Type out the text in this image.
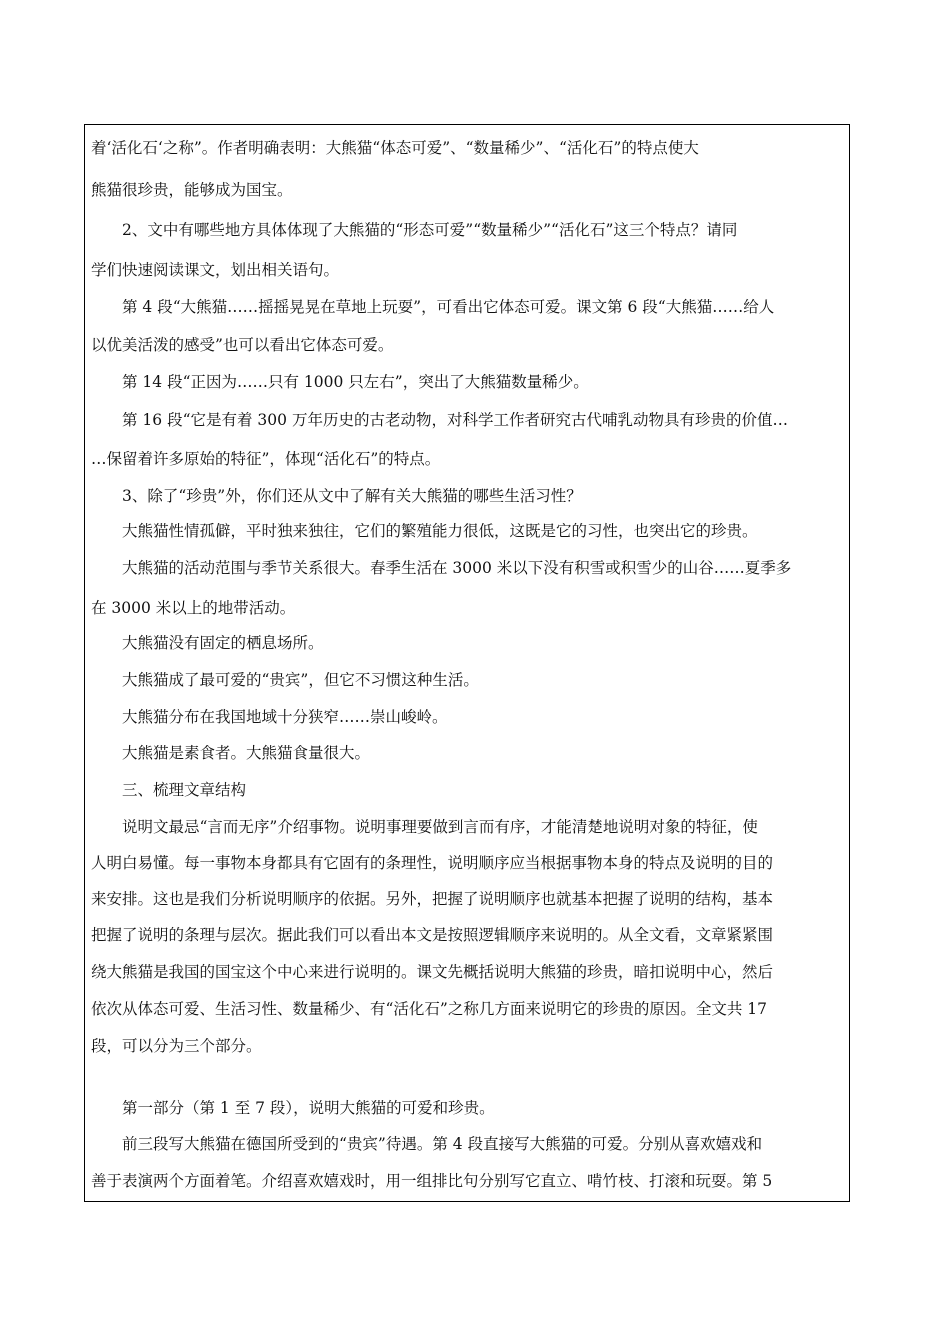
着‘活化石‘之称”。作者明确表明：大熊猫“体态可爱”、“数量稀少”、“活化石”的特点使大
熊猫很珍贵，能够成为国宝。
2、文中有哪些地方具体体现了大熊猫的“形态可爱”“数量稀少”“活化石”这三个特点？请同
学们快速阅读课文，划出相关语句。
第 4 段“大熊猫……摇摇晃晃在草地上玩耍”，可看出它体态可爱。课文第 6 段“大熊猫……给人
以优美活泼的感受”也可以看出它体态可爱。
第 14 段“正因为……只有 1000 只左右”，突出了大熊猫数量稀少。
第 16 段“它是有着 300 万年历史的古老动物，对科学工作者研究古代哺乳动物具有珍贵的价值…
…保留着许多原始的特征”，体现“活化石”的特点。
3、除了“珍贵”外，你们还从文中了解有关大熊猫的哪些生活习性？
大熊猫性情孤僻，平时独来独往，它们的繁殖能力很低，这既是它的习性，也突出它的珍贵。
大熊猫的活动范围与季节关系很大。春季生活在 3000 米以下没有积雪或积雪少的山谷……夏季多
在 3000 米以上的地带活动。
大熊猫没有固定的栖息场所。
大熊猫成了最可爱的“贵宾”，但它不习惯这种生活。
大熊猫分布在我国地域十分狭窄……崇山峻岭。
大熊猫是素食者。大熊猫食量很大。
三、梳理文章结构
说明文最忌“言而无序”介绍事物。说明事理要做到言而有序，才能清楚地说明对象的特征，使
人明白易懂。每一事物本身都具有它固有的条理性，说明顺序应当根据事物本身的特点及说明的目的
来安排。这也是我们分析说明顺序的依据。另外，把握了说明顺序也就基本把握了说明的结构，基本
把握了说明的条理与层次。据此我们可以看出本文是按照逻辑顺序来说明的。从全文看，文章紧紧围
绕大熊猫是我国的国宝这个中心来进行说明的。课文先概括说明大熊猫的珍贵，暗扣说明中心，然后
依次从体态可爱、生活习性、数量稀少、有“活化石”之称几方面来说明它的珍贵的原因。全文共 17
段，可以分为三个部分。
第一部分（第 1 至 7 段），说明大熊猫的可爱和珍贵。
前三段写大熊猫在德国所受到的“贵宾”待遇。第 4 段直接写大熊猫的可爱。分别从喜欢嬉戏和
善于表演两个方面着笔。介绍喜欢嬉戏时，用一组排比句分别写它直立、啃竹枝、打滚和玩耍。第 5
